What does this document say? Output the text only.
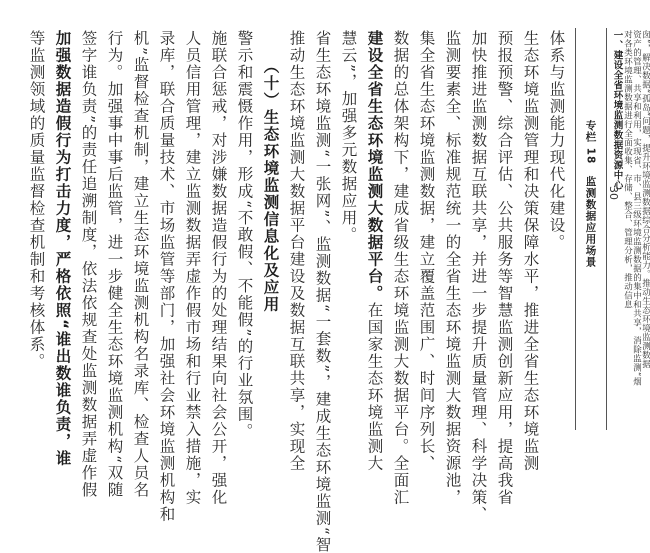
等监测领域的质量监督检查机制和考核体系。 加强数据造假行为打击力度，严格依照“谁出数谁负责，谁 签字谁负责”的责任追溯制度，依法依规查处监测数据弄虚作假 行为。加强事中事后监管，进一步健全生态环境监测机构“双随 机”监督检查机制，建立生态环境监测机构名录库、检查人员名 录库，联合质量技术、市场监管等部门，加强社会环境监测机构和 人员信用管理，建立监测数据弄虚作假市场和行业禁入措施，实 施联合惩戒，对涉嫌数据造假行为的处理结果向社会公开，强化 警示和震慑作用，形成“不敢假、不能假”的行业氛围。 （十）生态环境监测信息化及应用 推动生态环境监测大数据平台建设及数据互联共享，实现全 省生态环境监测“一张网”、监测数据“一套数”，建成生态环境监测“智 慧云”，加强多元数据应用。 建设全省生态环境监测大数据平台。在国家生态环境监测大 数据的总体架构下，建成省级生态环境监测大数据平台。全面汇 集全省生态环境监测数据，建立覆盖范围广、时间序列长、 监测要素全、标准规范统一的全省生态环境监测大数据资源池， 加快推进监测数据互联共享，并进一步提升质量管理、科学决策、 预报预警、综合评估、公共服务等智慧监测创新应用，提高我省 生态环境监测管理和决策保障水平，推进全省生态环境监测 体系与监测能力现代化建设。 专栏 18　监测数据应用场景
一、建设全省环境监测数据资源中心 对各类环境监测数据进行全面收集、存储、整合、管理分析，推动信息 资产的管理、共享和利用，实现省、市、县三级环境监测数据的集中和共享，消除监测“烟 囱”，解决数据“孤岛”问题，提升环境监测数据综合分析能力。推动生态环境监测数据
30
